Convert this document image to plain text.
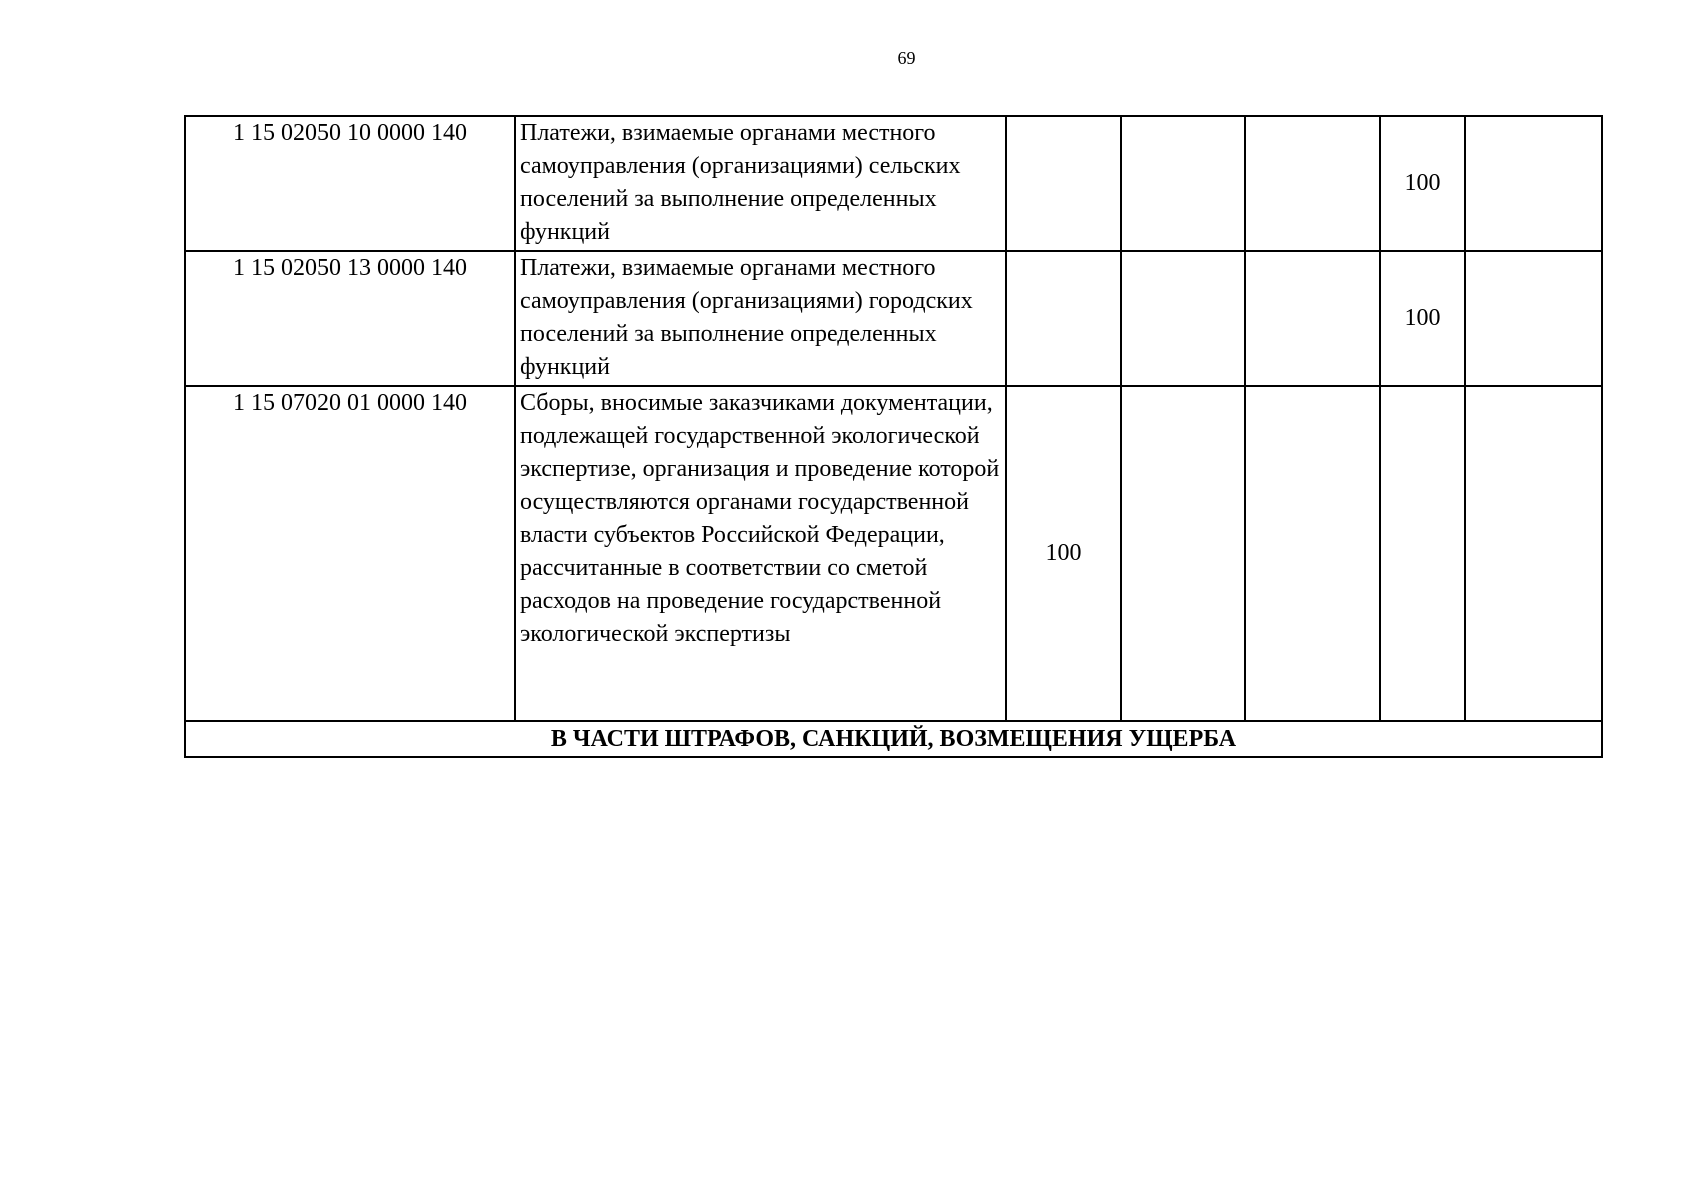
69
1 15 02050 10 0000 140	Платежи, взимаемые органами местного самоуправления (организациями) сельских поселений за выполнение определенных функций				100	
1 15 02050 13 0000 140	Платежи, взимаемые органами местного самоуправления (организациями) городских поселений за выполнение определенных функций				100	
1 15 07020 01 0000 140	Сборы, вносимые заказчиками документации, подлежащей государственной экологической экспертизе, организация и проведение которой осуществляются органами государственной власти субъектов Российской Федерации, рассчитанные в соответствии со сметой расходов на проведение государственной экологической экспертизы	100				
В ЧАСТИ ШТРАФОВ, САНКЦИЙ, ВОЗМЕЩЕНИЯ УЩЕРБА						
